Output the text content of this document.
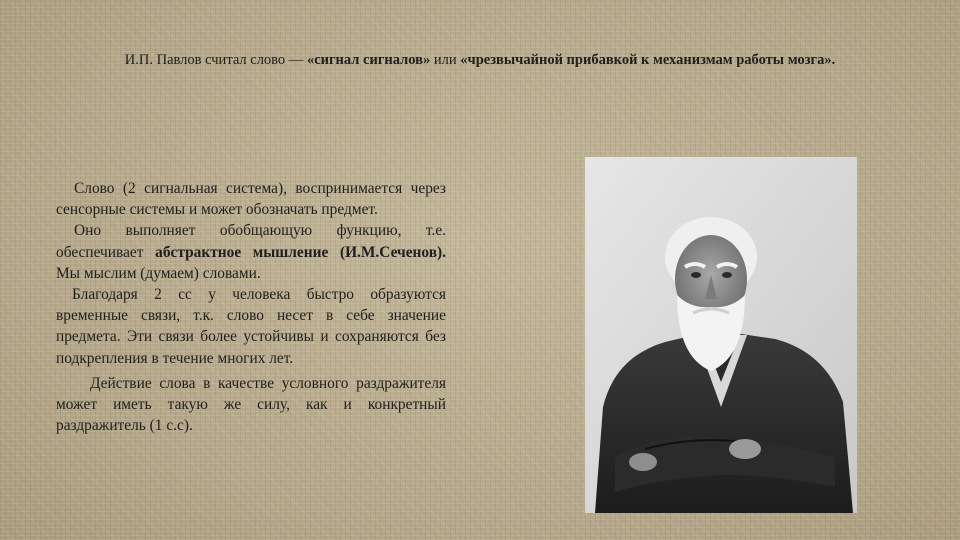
И.П. Павлов считал слово — «сигнал сигналов» или «чрезвычайной прибавкой к механизмам работы мозга».

Слово (2 сигнальная система), воспринимается через сенсорные системы и может обозначать предмет.

Оно выполняет обобщающую функцию, т.е. обеспечивает абстрактное мышление (И.М.Сеченов). Мы мыслим (думаем) словами.

Благодаря 2 сс у человека быстро образуются временные связи, т.к. слово несет в себе значение предмета. Эти связи более устойчивы и сохраняются без подкрепления в течение многих лет.

Действие слова в качестве условного раздражителя может иметь такую же силу, как и конкретный раздражитель (1 с.с).
